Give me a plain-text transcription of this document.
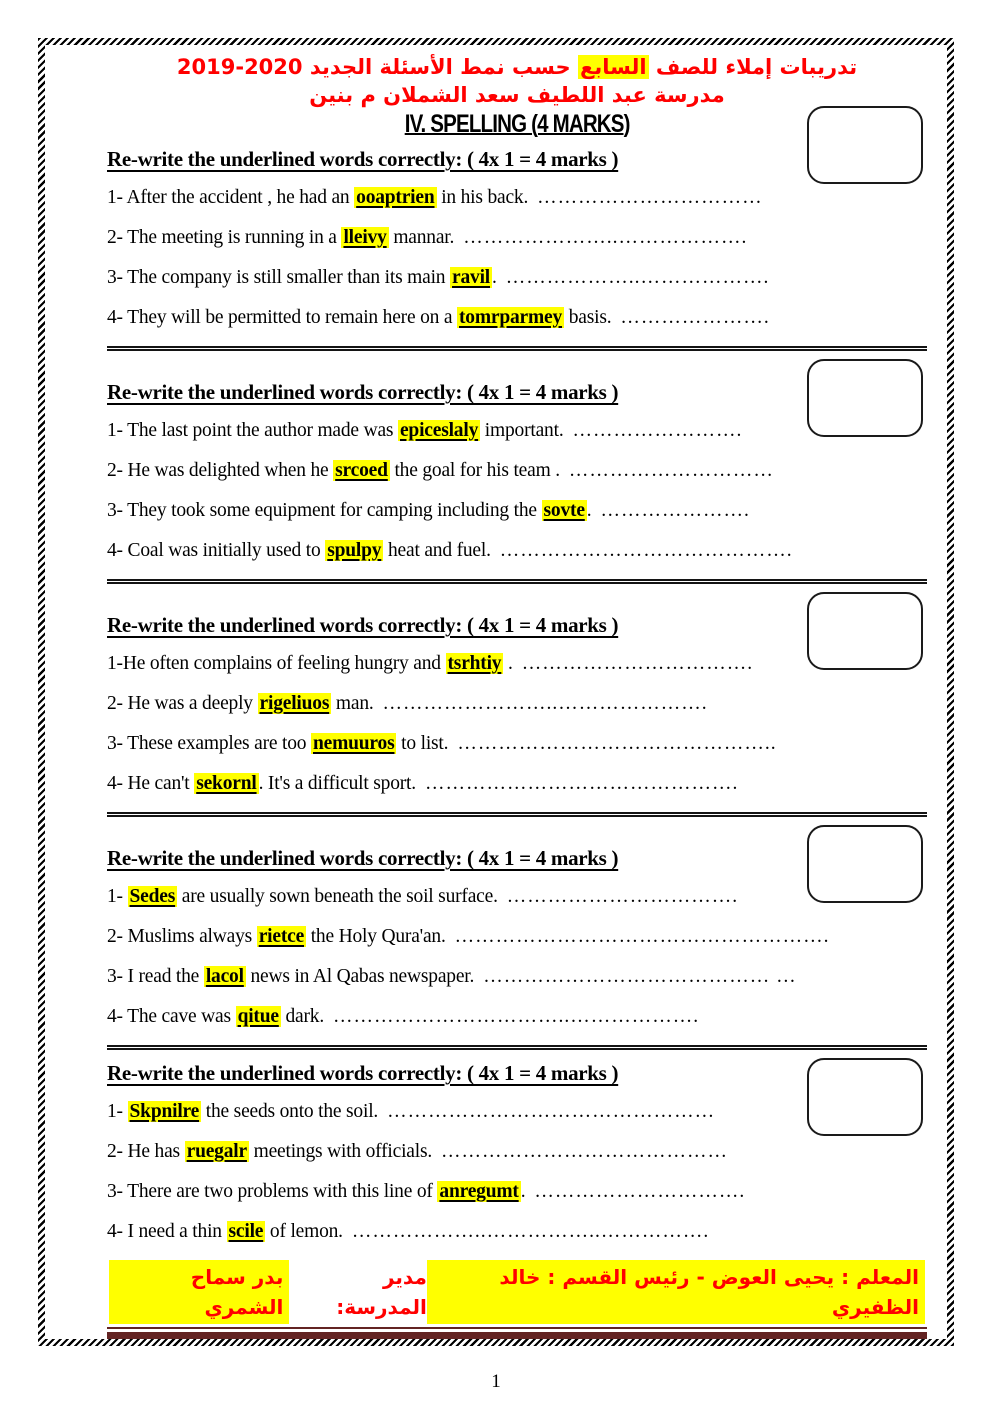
تدريبات إملاء للصف السابع حسب نمط الأسئلة الجديد 2020-2019
مدرسة عبد اللطيف سعد الشملان م بنين
IV. SPELLING (4 MARKS)
Re-write the underlined words correctly: ( 4x 1 = 4 marks )

1- After the accident , he had an ooaptrien in his back. ……………………………

2- The meeting is running in a lleivy mannar. …………………..……………….

3- The company is still smaller than its main ravil . ………………..……………….

4- They will be permitted to remain here on a tomrparmey basis. ………………….

Re-write the underlined words correctly: ( 4x 1 = 4 marks )

1- The last point the author made was epiceslaly important. …………………….

2- He was delighted when he srcoed the goal for his team . …………………………

3- They took some equipment for camping including the sovte . ………………….

4- Coal was initially used to spulpy heat and fuel. …………………………………….

Re-write the underlined words correctly: ( 4x 1 = 4 marks )

1-He often complains of feeling hungry and tsrhtiy . …………………………….

2- He was a deeply rigeliuos man. ……………………..………………….

3- These examples are too nemuuros to list. ………………………………………..

4- He can't sekornl . It's a difficult sport. ……………………………………….

Re-write the underlined words correctly: ( 4x 1 = 4 marks )

1- Sedes are usually sown beneath the soil surface. …………………………….

2- Muslims always rietce the Holy Qura'an. ……………………………………………….

3- I read the lacol news in Al Qabas newspaper. …………………………………… …

4- The cave was qitue dark. ……………………………..……………….

Re-write the underlined words correctly: ( 4x 1 = 4 marks )

1- Skpnilre the seeds onto the soil. …………………………………………

2- He has ruegalr meetings with officials. ……………………………………

3- There are two problems with this line of anregumt . ………………………….

4- I need a thin scile of lemon. ………………..……………..…………….

المعلم : يحيى العوض - رئيس القسم : خالد الظفيري
مدير المدرسة:
بدر سماح الشمري
1
